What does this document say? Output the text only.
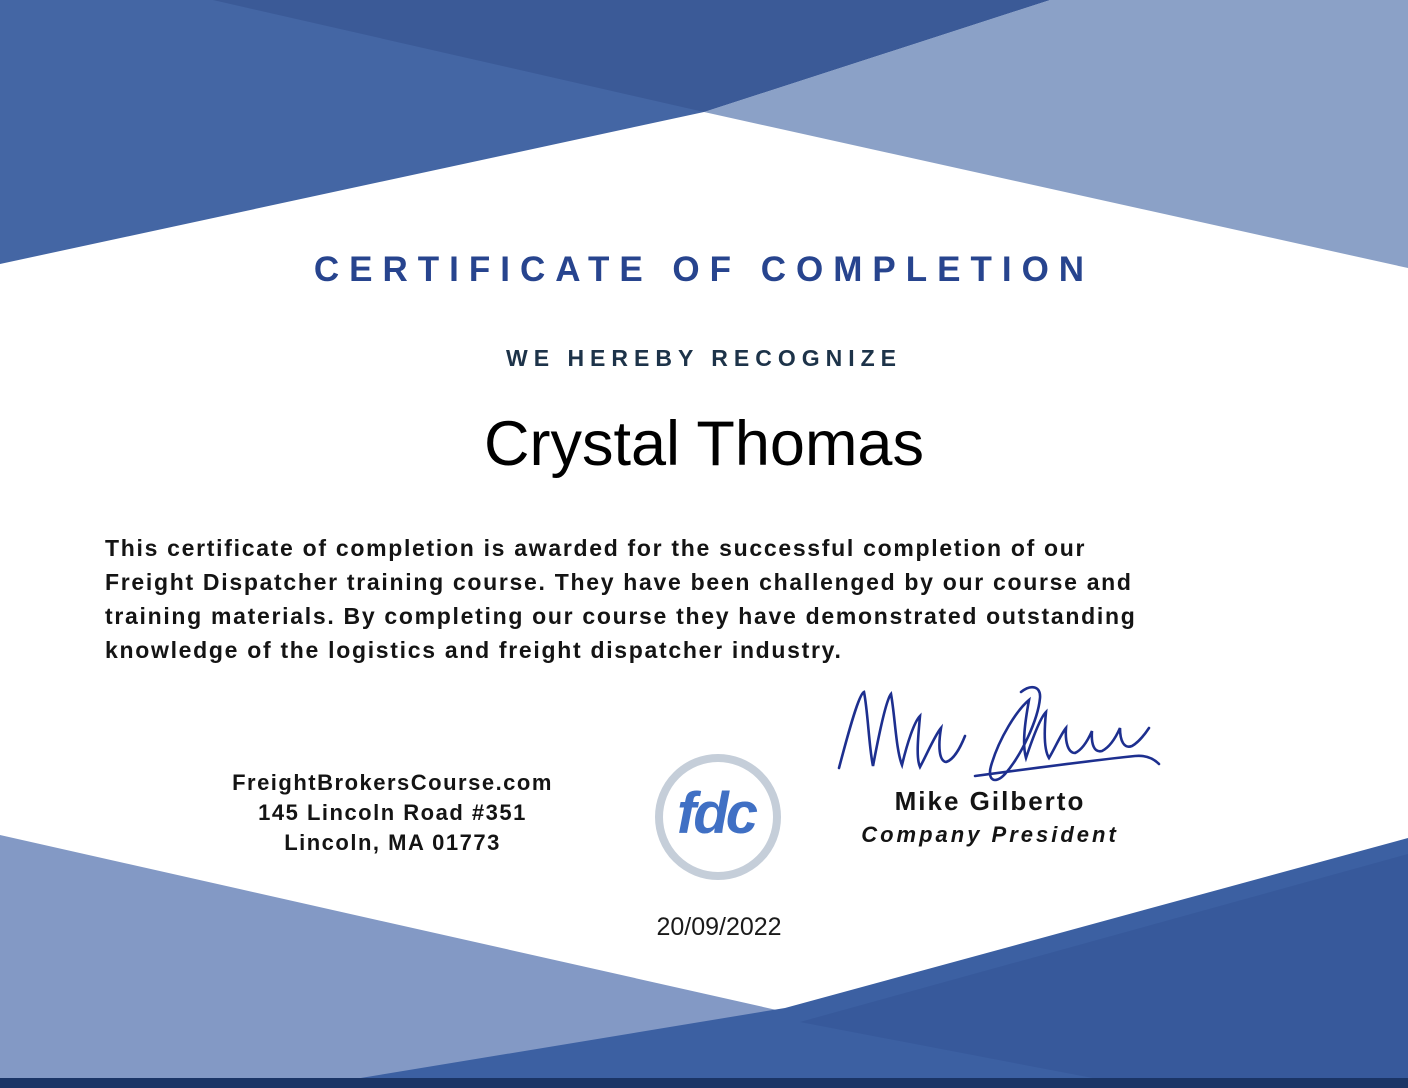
CERTIFICATE OF COMPLETION
WE HEREBY RECOGNIZE
Crystal Thomas
This certificate of completion is awarded for the successful completion of our
Freight Dispatcher training course. They have been challenged by our course and
training materials. By completing our course they have demonstrated outstanding
knowledge of the logistics and freight dispatcher industry.
FreightBrokersCourse.com
145 Lincoln Road #351
Lincoln, MA 01773	fdc	Mike Gilberto
Company President
20/09/2022
